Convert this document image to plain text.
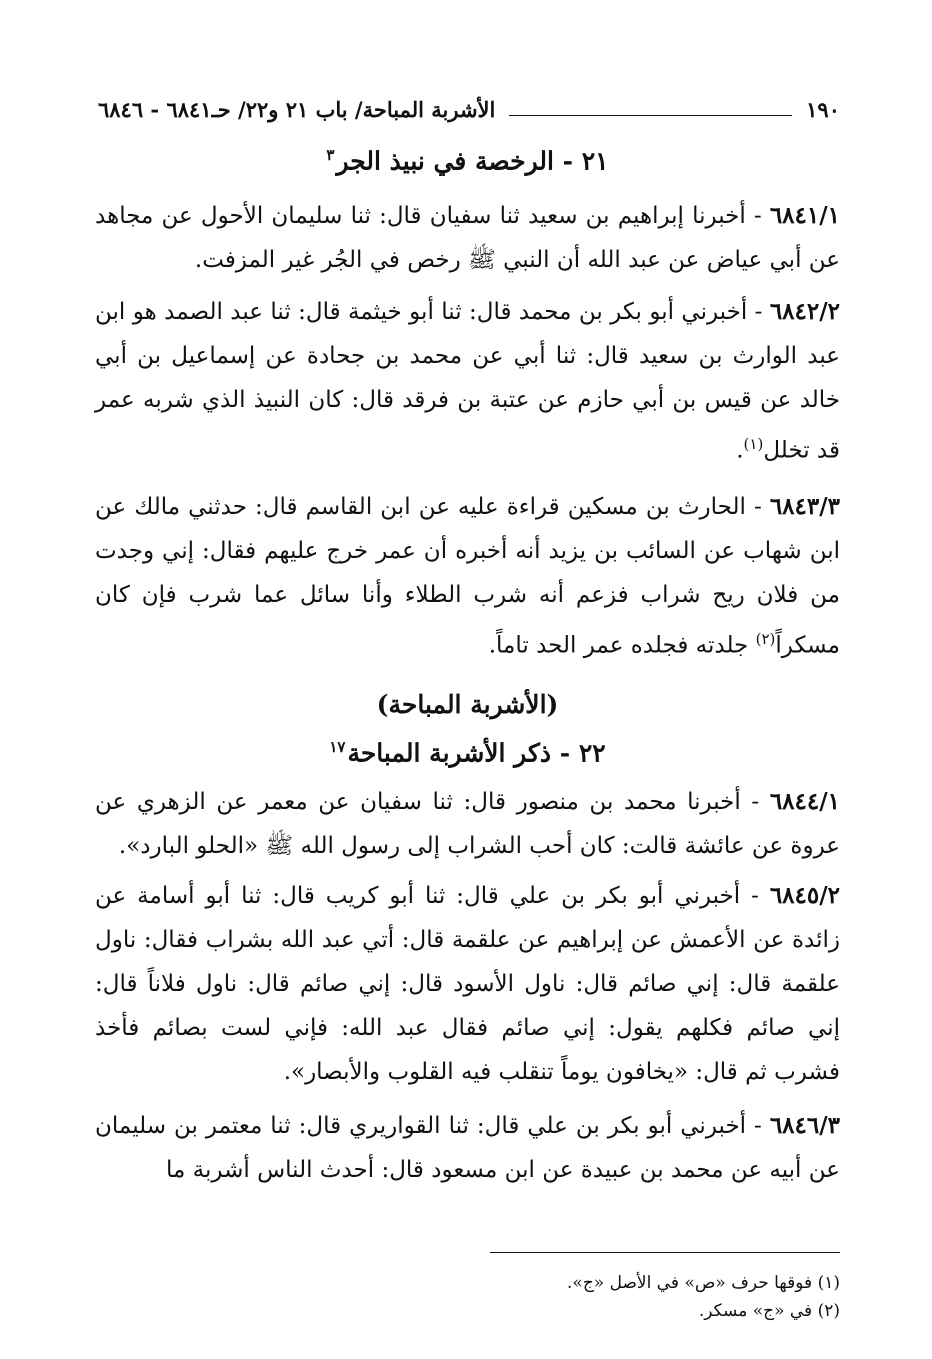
١٩٠
الأشربة المباحة/ باب ٢١ و٢٢/ حـ٦٨٤١ - ٦٨٤٦
٢١ - الرخصة في نبيذ الجر$^٣$

٦٨٤١/١ - أخبرنا إبراهيم بن سعيد ثنا سفيان قال: ثنا سليمان الأحول عن مجاهد عن أبي عياض عن عبد الله أن النبي ﷺ رخص في الجُر غير المزفت.

٦٨٤٢/٢ - أخبرني أبو بكر بن محمد قال: ثنا أبو خيثمة قال: ثنا عبد الصمد هو ابن عبد الوارث بن سعيد قال: ثنا أبي عن محمد بن جحادة عن إسماعيل بن أبي خالد عن قيس بن أبي حازم عن عتبة بن فرقد قال: كان النبيذ الذي شربه عمر قد تخلل$^{(١)}$.

٦٨٤٣/٣ - الحارث بن مسكين قراءة عليه عن ابن القاسم قال: حدثني مالك عن ابن شهاب عن السائب بن يزيد أنه أخبره أن عمر خرج عليهم فقال: إني وجدت من فلان ريح شراب فزعم أنه شرب الطلاء وأنا سائل عما شرب فإن كان مسكراً$^{(٢)}$ جلدته فجلده عمر الحد تاماً.

(الأشربة المباحة)
٢٢ - ذكر الأشربة المباحة$^{١٧}$

٦٨٤٤/١ - أخبرنا محمد بن منصور قال: ثنا سفيان عن معمر عن الزهري عن عروة عن عائشة قالت: كان أحب الشراب إلى رسول الله ﷺ «الحلو البارد».

٦٨٤٥/٢ - أخبرني أبو بكر بن علي قال: ثنا أبو كريب قال: ثنا أبو أسامة عن زائدة عن الأعمش عن إبراهيم عن علقمة قال: أتي عبد الله بشراب فقال: ناول علقمة قال: إني صائم قال: ناول الأسود قال: إني صائم قال: ناول فلاناً قال: إني صائم فكلهم يقول: إني صائم فقال عبد الله: فإني لست بصائم فأخذ فشرب ثم قال: «يخافون يوماً تنقلب فيه القلوب والأبصار».

٦٨٤٦/٣ - أخبرني أبو بكر بن علي قال: ثنا القواريري قال: ثنا معتمر بن سليمان عن أبيه عن محمد بن عبيدة عن ابن مسعود قال: أحدث الناس أشربة ما

(١) فوقها حرف «ص» في الأصل «ج».
(٢) في «ج» مسكر.
